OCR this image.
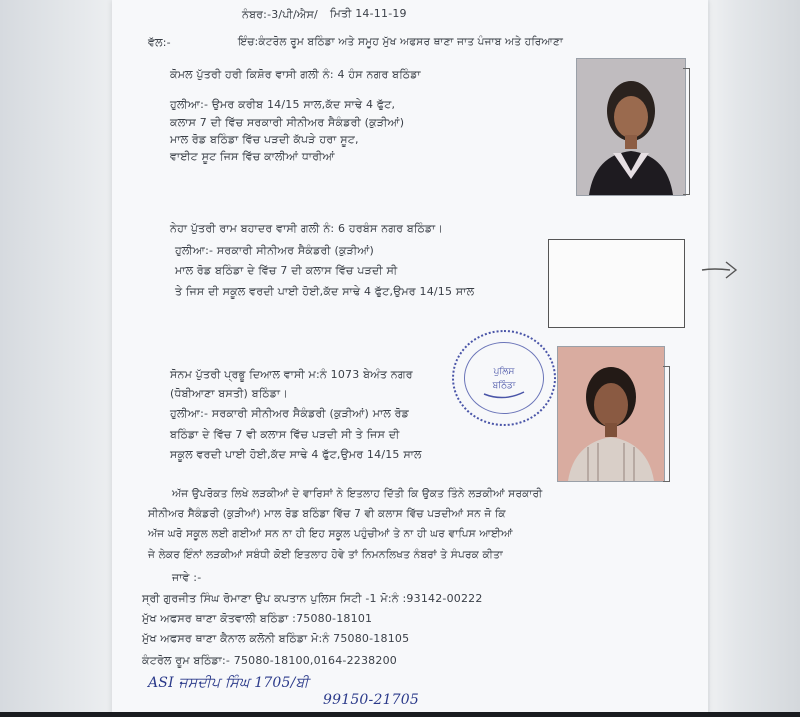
ਨੰਬਰ:-3/ਪੀ/ਐਸ/ ਮਿਤੀ 14-11-19
ਵੱਲ:-	ਇੰਚ:ਕੰਟਰੋਲ ਰੂਮ ਬਠਿੰਡਾ ਅਤੇ ਸਮੂਹ ਮੁੱਖ ਅਫਸਰ ਥਾਣਾ ਜਾਤ ਪੰਜਾਬ ਅਤੇ ਹਰਿਆਣਾ
ਕੋਮਲ ਪੁੱਤਰੀ ਹਰੀ ਕਿਸ਼ੋਰ ਵਾਸੀ ਗਲੀ ਨੰ: 4 ਹੰਸ ਨਗਰ ਬਠਿੰਡਾ
ਹੁਲੀਆ:- ਉਮਰ ਕਰੀਬ 14/15 ਸਾਲ,ਕੱਦ ਸਾਢੇ 4 ਫੁੱਟ,
ਕਲਾਸ 7 ਦੀ ਵਿੱਚ ਸਰਕਾਰੀ ਸੀਨੀਅਰ ਸੈਕੰਡਰੀ (ਕੁੜੀਆਂ)
ਮਾਲ ਰੋਡ ਬਠਿੰਡਾ ਵਿੱਚ ਪੜਦੀ ਕੱਪੜੇ ਹਰਾ ਸੂਟ,
ਵਾਈਟ ਸੂਟ ਜਿਸ ਵਿੱਚ ਕਾਲੀਆਂ ਧਾਰੀਆਂ
ਨੇਹਾ ਪੁੱਤਰੀ ਰਾਮ ਬਹਾਦਰ ਵਾਸੀ ਗਲੀ ਨੰ: 6 ਹਰਬੰਸ ਨਗਰ ਬਠਿੰਡਾ।
ਹੁਲੀਆ:- ਸਰਕਾਰੀ ਸੀਨੀਅਰ ਸੈਕੰਡਰੀ (ਕੁੜੀਆਂ)
ਮਾਲ ਰੋਡ ਬਠਿੰਡਾ ਦੇ ਵਿੱਚ 7 ਦੀ ਕਲਾਸ ਵਿੱਚ ਪੜਦੀ ਸੀ
ਤੇ ਜਿਸ ਦੀ ਸਕੂਲ ਵਰਦੀ ਪਾਈ ਹੋਈ,ਕੱਦ ਸਾਢੇ 4 ਫੁੱਟ,ਉਮਰ 14/15 ਸਾਲ
ਪੁਲਿਸ
ਬਠਿੰਡਾ
ਸੋਨਮ ਪੁੱਤਰੀ ਪ੍ਰਭੂ ਦਿਆਲ ਵਾਸੀ ਮ:ਨੰ 1073 ਬੇਅੰਤ ਨਗਰ
(ਧੋਬੀਆਣਾ ਬਸਤੀ) ਬਠਿੰਡਾ।
ਹੁਲੀਆ:- ਸਰਕਾਰੀ ਸੀਨੀਅਰ ਸੈਕੰਡਰੀ (ਕੁੜੀਆਂ) ਮਾਲ ਰੋਡ
ਬਠਿੰਡਾ ਦੇ ਵਿੱਚ 7 ਵੀ ਕਲਾਸ ਵਿੱਚ ਪੜਦੀ ਸੀ ਤੇ ਜਿਸ ਦੀ
ਸਕੂਲ ਵਰਦੀ ਪਾਈ ਹੋਈ,ਕੱਦ ਸਾਢੇ 4 ਫੁੱਟ,ਉਮਰ 14/15 ਸਾਲ
ਅੱਜ ਉਪਰੋਕਤ ਲਿਖੇ ਲੜਕੀਆਂ ਦੇ ਵਾਰਿਸਾਂ ਨੇ ਇਤਲਾਹ ਦਿੱਤੀ ਕਿ ਉਕਤ ਤਿੰਨੇ ਲੜਕੀਆਂ ਸਰਕਾਰੀ
ਸੀਨੀਅਰ ਸੈਕੰਡਰੀ (ਕੁੜੀਆਂ) ਮਾਲ ਰੋਡ ਬਠਿੰਡਾ ਵਿੱਚ 7 ਵੀ ਕਲਾਸ ਵਿੱਚ ਪੜਦੀਆਂ ਸਨ ਜੋ ਕਿ
ਅੱਜ ਘਰੋ ਸਕੂਲ ਲਈ ਗਈਆਂ ਸਨ ਨਾ ਹੀ ਇਹ ਸਕੂਲ ਪਹੁੰਚੀਆਂ ਤੇ ਨਾ ਹੀ ਘਰ ਵਾਪਿਸ ਆਈਆਂ
ਜੇ ਲੇਕਰ ਇੰਨਾਂ ਲੜਕੀਆਂ ਸਬੰਧੀ ਕੋਈ ਇਤਲਾਹ ਹੋਵੇ ਤਾਂ ਨਿਮਨਲਿਖਤ ਨੰਬਰਾਂ ਤੇ ਸੰਪਰਕ ਕੀਤਾ
ਜਾਵੇ :-
ਸ੍ਰੀ ਗੁਰਜੀਤ ਸਿੰਘ ਰੋਮਾਣਾ ਉਪ ਕਪਤਾਨ ਪੁਲਿਸ ਸਿਟੀ -1 ਮੋ:ਨੰ :93142-00222
ਮੁੱਖ ਅਫਸਰ ਥਾਣਾ ਕੋਤਵਾਲੀ ਬਠਿੰਡਾ :75080-18101
ਮੁੱਖ ਅਫਸਰ ਥਾਣਾ ਕੈਨਾਲ ਕਲੋਨੀ ਬਠਿੰਡਾ ਮੋ:ਨੰ 75080-18105
ਕੰਟਰੋਲ ਰੂਮ ਬਠਿੰਡਾ:- 75080-18100,0164-2238200
ASI ਜਸਦੀਪ ਸਿੰਘ 1705/ਬੀ
99150-21705
